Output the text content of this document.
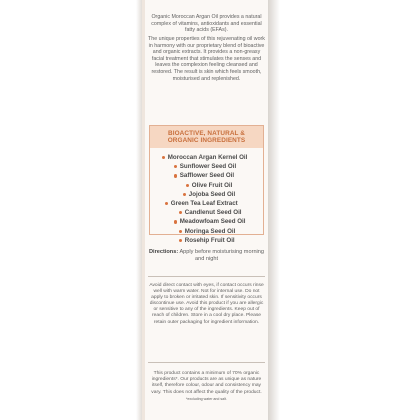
Organic Moroccan Argan Oil provides a natural complex of vitamins, antioxidants and essential fatty acids (EFAs).

The unique properties of this rejuvenating oil work in harmony with our proprietary blend of bioactive and organic extracts. It provides a non-greasy facial treatment that stimulates the senses and leaves the complexion feeling cleansed and restored. The result is skin which feels smooth, moisturised and replenished.

BIOACTIVE, NATURAL & ORGANIC INGREDIENTS
Moroccan Argan Kernel Oil
Sunflower Seed Oil
Safflower Seed Oil
Olive Fruit Oil
Jojoba Seed Oil
Green Tea Leaf Extract
Candlenut Seed Oil
Meadowfoam Seed Oil
Moringa Seed Oil
Rosehip Fruit Oil
Directions: Apply before moisturising morning and night

Avoid direct contact with eyes, if contact occurs rinse well with warm water. Not for internal use. Do not apply to broken or irritated skin. If sensitivity occurs discontinue use. Avoid this product if you are allergic or sensitive to any of the ingredients. Keep out of reach of children. Store in a cool dry place. Please retain outer packaging for ingredient information.

This product contains a minimum of 70% organic ingredients*. Our products are as unique as nature itself, therefore colour, odour and consistency may vary. This does not affect the quality of the product. *excluding water and salt.
